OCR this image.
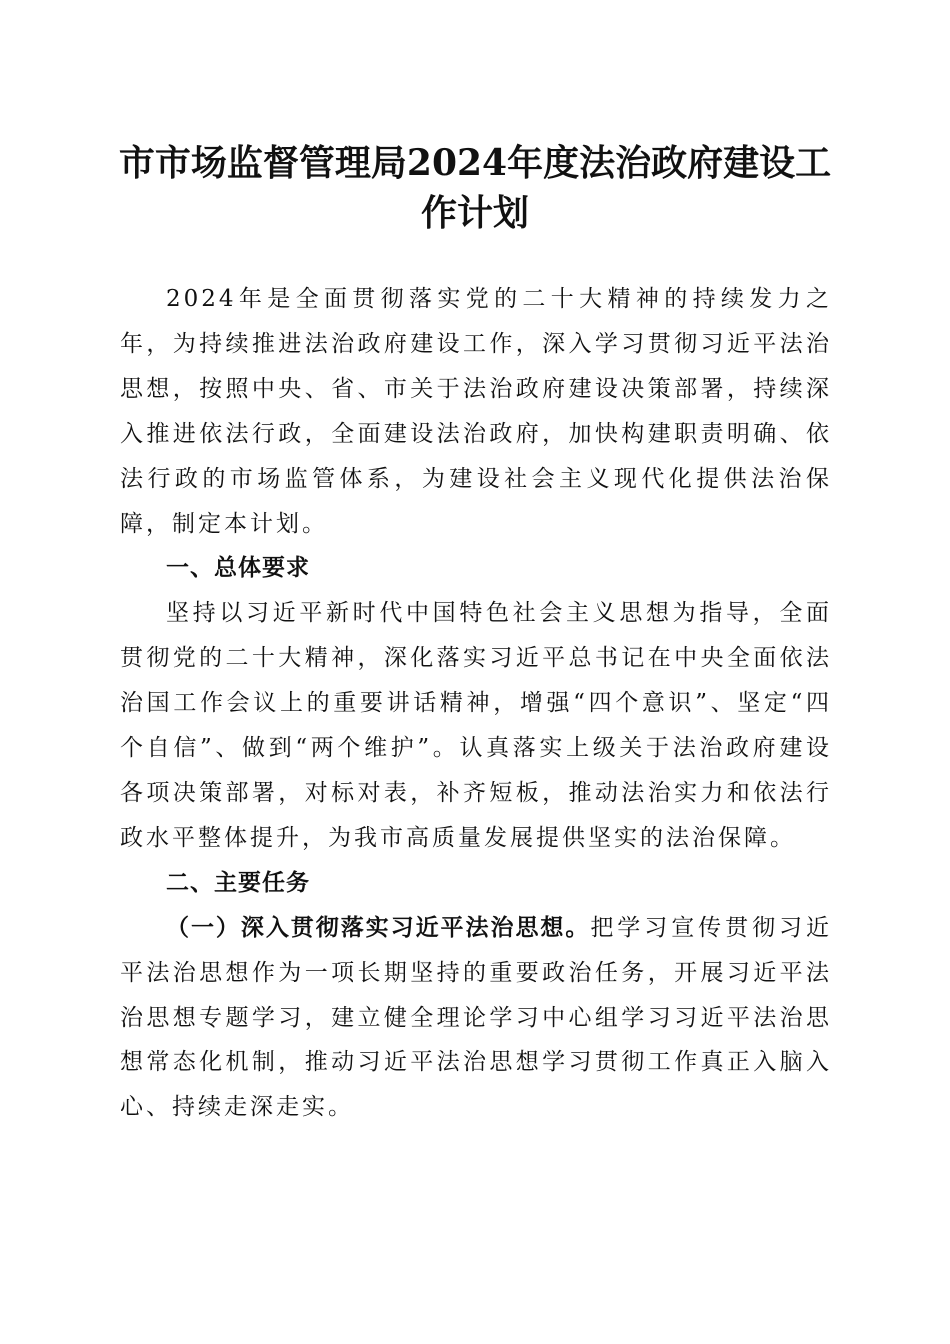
市市场监督管理局2024年度法治政府建设工
作计划

2024年是全面贯彻落实党的二十大精神的持续发力之年，为持续推进法治政府建设工作，深入学习贯彻习近平法治思想，按照中央、省、市关于法治政府建设决策部署，持续深入推进依法行政，全面建设法治政府，加快构建职责明确、依法行政的市场监管体系，为建设社会主义现代化提供法治保障，制定本计划。

一、总体要求

坚持以习近平新时代中国特色社会主义思想为指导，全面贯彻党的二十大精神，深化落实习近平总书记在中央全面依法治国工作会议上的重要讲话精神，增强“四个意识”、坚定“四个自信”、做到“两个维护”。认真落实上级关于法治政府建设各项决策部署，对标对表，补齐短板，推动法治实力和依法行政水平整体提升，为我市高质量发展提供坚实的法治保障。

二、主要任务

（一）深入贯彻落实习近平法治思想。把学习宣传贯彻习近平法治思想作为一项长期坚持的重要政治任务，开展习近平法治思想专题学习，建立健全理论学习中心组学习习近平法治思想常态化机制，推动习近平法治思想学习贯彻工作真正入脑入心、持续走深走实。
